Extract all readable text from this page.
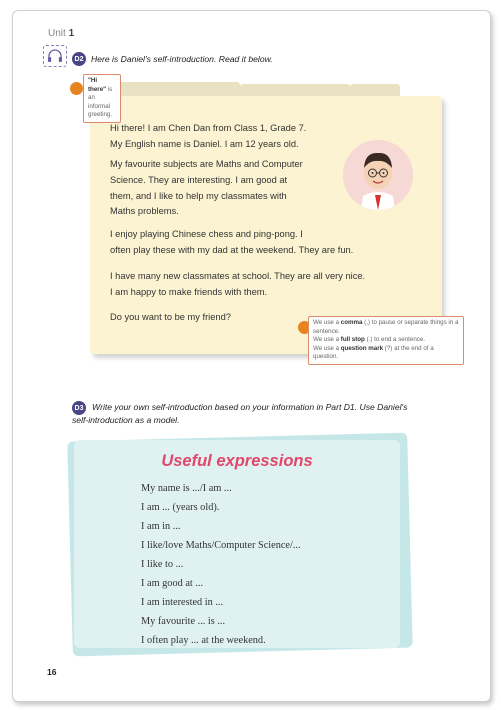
Unit 1
D2 Here is Daniel's self-introduction. Read it below.
"Hi there" is an informal greeting.
Hi there! I am Chen Dan from Class 1, Grade 7.
My English name is Daniel. I am 12 years old.
My favourite subjects are Maths and Computer
Science. They are interesting. I am good at
them, and I like to help my classmates with
Maths problems.
I enjoy playing Chinese chess and ping-pong. I
often play these with my dad at the weekend. They are fun.
I have many new classmates at school. They are all very nice.
I am happy to make friends with them.
Do you want to be my friend?
We use a comma (,) to pause or separate things in a sentence.
We use a full stop (.) to end a sentence.
We use a question mark (?) at the end of a question.
D3 Write your own self-introduction based on your information in Part D1. Use Daniel's
self-introduction as a model.
Useful expressions
My name is .../I am ...
I am ... (years old).
I am in ...
I like/love Maths/Computer Science/...
I like to ...
I am good at ...
I am interested in ...
My favourite ... is ...
I often play ... at the weekend.
16
